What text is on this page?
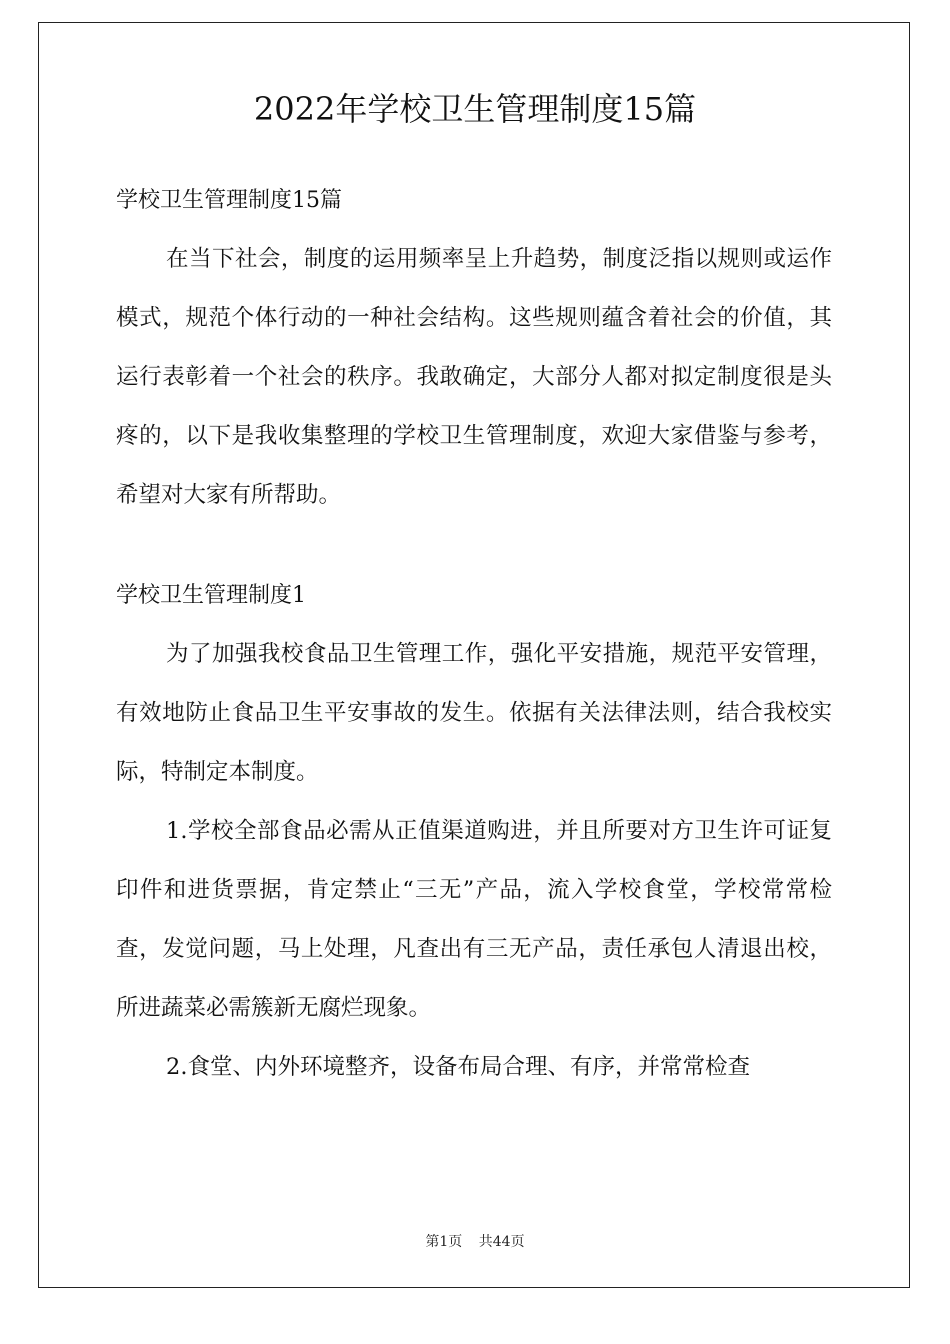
2022年学校卫生管理制度15篇

学校卫生管理制度15篇

在当下社会，制度的运用频率呈上升趋势，制度泛指以规则或运作模式，规范个体行动的一种社会结构。这些规则蕴含着社会的价值，其运行表彰着一个社会的秩序。我敢确定，大部分人都对拟定制度很是头疼的，以下是我收集整理的学校卫生管理制度，欢迎大家借鉴与参考，希望对大家有所帮助。

学校卫生管理制度1

为了加强我校食品卫生管理工作，强化平安措施，规范平安管理，有效地防止食品卫生平安事故的发生。依据有关法律法则，结合我校实际，特制定本制度。

1.学校全部食品必需从正值渠道购进，并且所要对方卫生许可证复印件和进货票据，肯定禁止“三无”产品，流入学校食堂，学校常常检查，发觉问题，马上处理，凡查出有三无产品，责任承包人清退出校，所进蔬菜必需簇新无腐烂现象。

2.食堂、内外环境整齐，设备布局合理、有序，并常常检查

第1页 共44页
